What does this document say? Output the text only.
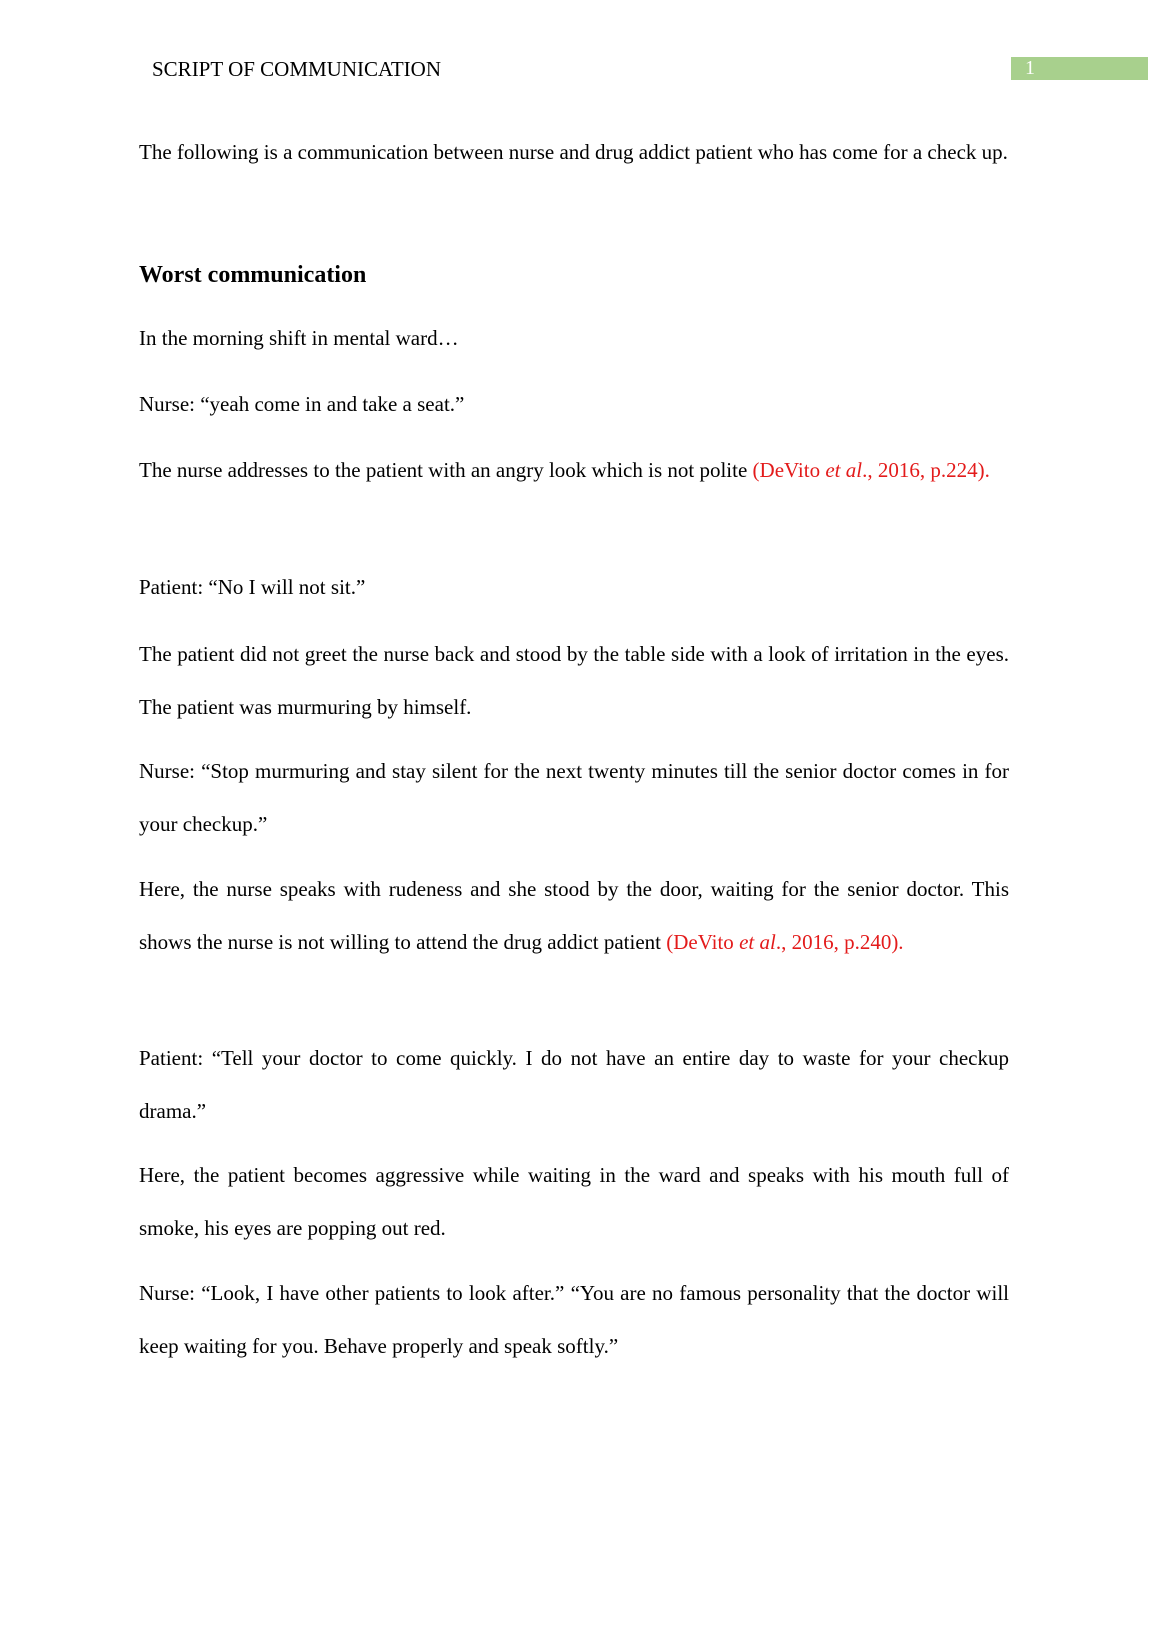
SCRIPT OF COMMUNICATION	1

The following is a communication between nurse and drug addict patient who has come for a check up.

Worst communication

In the morning shift in mental ward…

Nurse: “yeah come in and take a seat.”

The nurse addresses to the patient with an angry look which is not polite (DeVito et al., 2016, p.224).

Patient: “No I will not sit.”

The patient did not greet the nurse back and stood by the table side with a look of irritation in the eyes. The patient was murmuring by himself.

Nurse: “Stop murmuring and stay silent for the next twenty minutes till the senior doctor comes in for your checkup.”

Here, the nurse speaks with rudeness and she stood by the door, waiting for the senior doctor. This shows the nurse is not willing to attend the drug addict patient (DeVito et al., 2016, p.240).

Patient: “Tell your doctor to come quickly. I do not have an entire day to waste for your checkup drama.”

Here, the patient becomes aggressive while waiting in the ward and speaks with his mouth full of smoke, his eyes are popping out red.

Nurse: “Look, I have other patients to look after.” “You are no famous personality that the doctor will keep waiting for you. Behave properly and speak softly.”
